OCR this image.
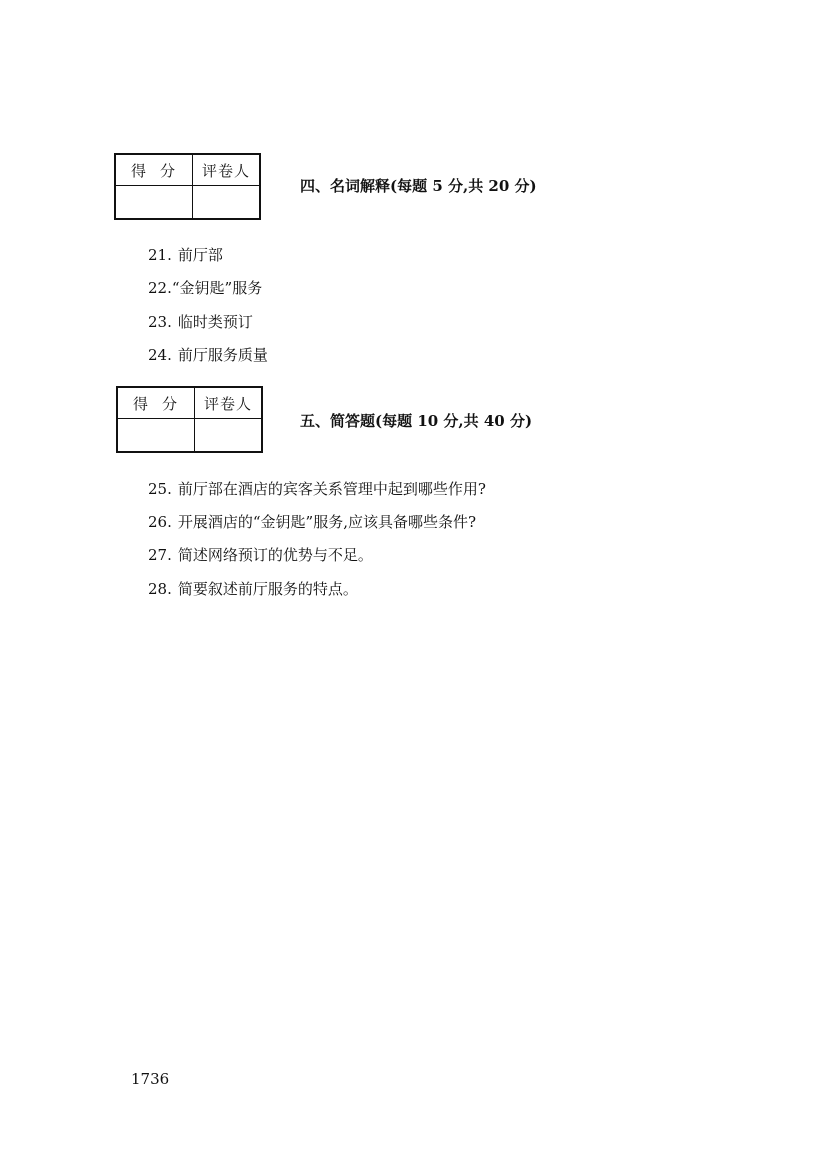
得分	评卷人

四、名词解释(每题 5 分,共 20 分)
21. 前厅部
22.“金钥匙”服务
23. 临时类预订
24. 前厅服务质量
得分	评卷人

五、简答题(每题 10 分,共 40 分)
25. 前厅部在酒店的宾客关系管理中起到哪些作用?
26. 开展酒店的“金钥匙”服务,应该具备哪些条件?
27. 简述网络预订的优势与不足。
28. 简要叙述前厅服务的特点。
1736
